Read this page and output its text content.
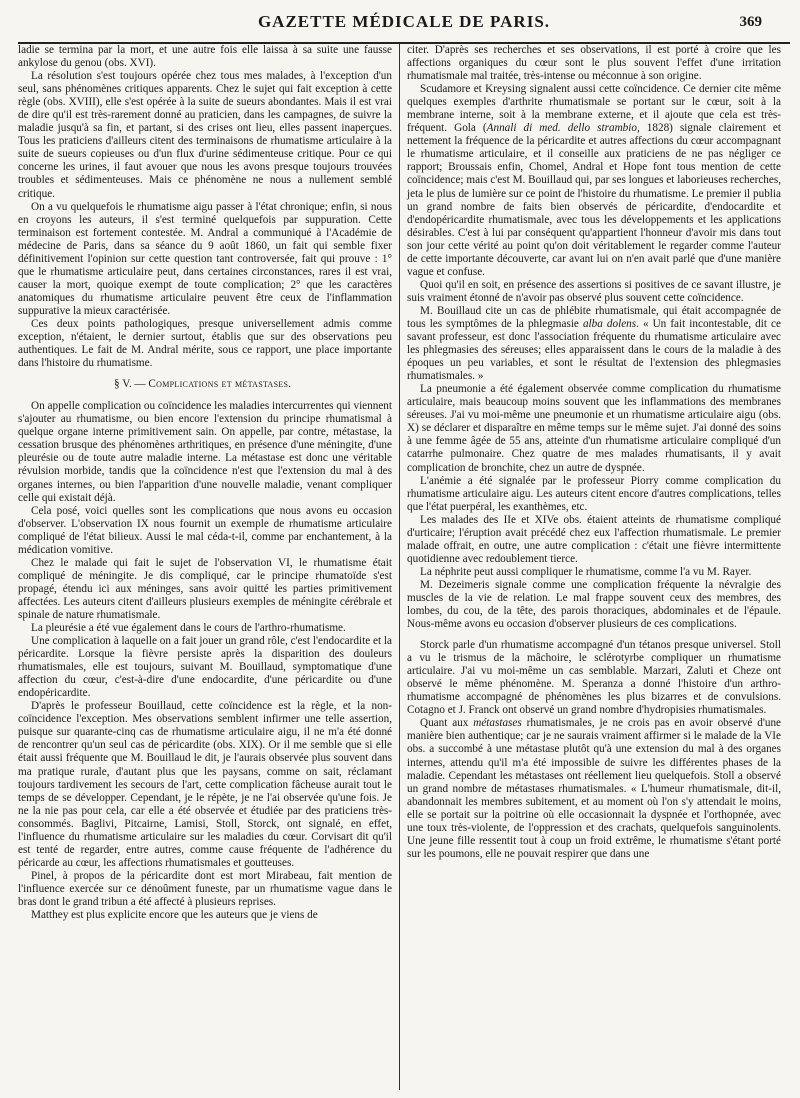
GAZETTE MÉDICALE DE PARIS.	369

ladie se termina par la mort, et une autre fois elle laissa à sa suite une fausse ankylose du genou (obs. XVI).

La résolution s'est toujours opérée chez tous mes malades, à l'exception d'un seul, sans phénomènes critiques apparents. Chez le sujet qui fait exception à cette règle (obs. XVIII), elle s'est opérée à la suite de sueurs abondantes. Mais il est vrai de dire qu'il est très-rarement donné au praticien, dans les campagnes, de suivre la maladie jusqu'à sa fin, et partant, si des crises ont lieu, elles passent inaperçues. Tous les praticiens d'ailleurs citent des terminaisons de rhumatisme articulaire à la suite de sueurs copieuses ou d'un flux d'urine sédimenteuse critique. Pour ce qui concerne les urines, il faut avouer que nous les avons presque toujours trouvées troubles et sédimenteuses. Mais ce phénomène ne nous a nullement semblé critique.

On a vu quelquefois le rhumatisme aigu passer à l'état chronique; enfin, si nous en croyons les auteurs, il s'est terminé quelquefois par suppuration. Cette terminaison est fortement contestée. M. Andral a communiqué à l'Académie de médecine de Paris, dans sa séance du 9 août 1860, un fait qui semble fixer définitivement l'opinion sur cette question tant controversée, fait qui prouve : 1° que le rhumatisme articulaire peut, dans certaines circonstances, rares il est vrai, causer la mort, quoique exempt de toute complication; 2° que les caractères anatomiques du rhumatisme articulaire peuvent être ceux de l'inflammation suppurative la mieux caractérisée.

Ces deux points pathologiques, presque universellement admis comme exception, n'étaient, le dernier surtout, établis que sur des observations peu authentiques. Le fait de M. Andral mérite, sous ce rapport, une place importante dans l'histoire du rhumatisme.

§ V. — Complications et métastases.

On appelle complication ou coïncidence les maladies intercurrentes qui viennent s'ajouter au rhumatisme, ou bien encore l'extension du principe rhumatismal à quelque organe interne primitivement sain. On appelle, par contre, métastase, la cessation brusque des phénomènes arthritiques, en présence d'une méningite, d'une pleurésie ou de toute autre maladie interne. La métastase est donc une véritable révulsion morbide, tandis que la coïncidence n'est que l'extension du mal à des organes internes, ou bien l'apparition d'une nouvelle maladie, venant compliquer celle qui existait déjà.

Cela posé, voici quelles sont les complications que nous avons eu occasion d'observer. L'observation IX nous fournit un exemple de rhumatisme articulaire compliqué de l'état bilieux. Aussi le mal céda-t-il, comme par enchantement, à la médication vomitive.

Chez le malade qui fait le sujet de l'observation VI, le rhumatisme était compliqué de méningite. Je dis compliqué, car le principe rhumatoïde s'est propagé, étendu ici aux méninges, sans avoir quitté les parties primitivement affectées. Les auteurs citent d'ailleurs plusieurs exemples de méningite cérébrale et spinale de nature rhumatismale.

La pleurésie a été vue également dans le cours de l'arthro-rhumatisme.

Une complication à laquelle on a fait jouer un grand rôle, c'est l'endocardite et la péricardite. Lorsque la fièvre persiste après la disparition des douleurs rhumatismales, elle est toujours, suivant M. Bouillaud, symptomatique d'une affection du cœur, c'est-à-dire d'une endocardite, d'une péricardite ou d'une endopéricardite.

D'après le professeur Bouillaud, cette coïncidence est la règle, et la non-coïncidence l'exception. Mes observations semblent infirmer une telle assertion, puisque sur quarante-cinq cas de rhumatisme articulaire aigu, il ne m'a été donné de rencontrer qu'un seul cas de péricardite (obs. XIX). Or il me semble que si elle était aussi fréquente que M. Bouillaud le dit, je l'aurais observée plus souvent dans ma pratique rurale, d'autant plus que les paysans, comme on sait, réclamant toujours tardivement les secours de l'art, cette complication fâcheuse aurait tout le temps de se développer. Cependant, je le répète, je ne l'ai observée qu'une fois. Je ne la nie pas pour cela, car elle a été observée et étudiée par des praticiens très-consommés. Baglivi, Pitcairne, Lamisi, Stoll, Storck, ont signalé, en effet, l'influence du rhumatisme articulaire sur les maladies du cœur. Corvisart dit qu'il est tenté de regarder, entre autres, comme cause fréquente de l'adhérence du péricarde au cœur, les affections rhumatismales et goutteuses.

Pinel, à propos de la péricardite dont est mort Mirabeau, fait mention de l'influence exercée sur ce dénoûment funeste, par un rhumatisme vague dans le bras dont le grand tribun a été affecté à plusieurs reprises.

Matthey est plus explicite encore que les auteurs que je viens de

citer. D'après ses recherches et ses observations, il est porté à croire que les affections organiques du cœur sont le plus souvent l'effet d'une irritation rhumatismale mal traitée, très-intense ou méconnue à son origine.

Scudamore et Kreysing signalent aussi cette coïncidence. Ce dernier cite même quelques exemples d'arthrite rhumatismale se portant sur le cœur, soit à la membrane interne, soit à la membrane externe, et il ajoute que cela est très-fréquent. Gola (Annali di med. dello strambio, 1828) signale clairement et nettement la fréquence de la péricardite et autres affections du cœur accompagnant le rhumatisme articulaire, et il conseille aux praticiens de ne pas négliger ce rapport; Broussais enfin, Chomel, Andral et Hope font tous mention de cette coïncidence; mais c'est M. Bouillaud qui, par ses longues et laborieuses recherches, jeta le plus de lumière sur ce point de l'histoire du rhumatisme. Le premier il publia un grand nombre de faits bien observés de péricardite, d'endocardite et d'endopéricardite rhumatismale, avec tous les développements et les applications désirables. C'est à lui par conséquent qu'appartient l'honneur d'avoir mis dans tout son jour cette vérité au point qu'on doit véritablement le regarder comme l'auteur de cette importante découverte, car avant lui on n'en avait parlé que d'une manière vague et confuse.

Quoi qu'il en soit, en présence des assertions si positives de ce savant illustre, je suis vraiment étonné de n'avoir pas observé plus souvent cette coïncidence.

M. Bouillaud cite un cas de phlébite rhumatismale, qui était accompagnée de tous les symptômes de la phlegmasie alba dolens. « Un fait incontestable, dit ce savant professeur, est donc l'association fréquente du rhumatisme articulaire avec les phlegmasies des séreuses; elles apparaissent dans le cours de la maladie à des époques un peu variables, et sont le résultat de l'extension des phlegmasies rhumatismales. »

La pneumonie a été également observée comme complication du rhumatisme articulaire, mais beaucoup moins souvent que les inflammations des membranes séreuses. J'ai vu moi-même une pneumonie et un rhumatisme articulaire aigu (obs. X) se déclarer et disparaître en même temps sur le même sujet. J'ai donné des soins à une femme âgée de 55 ans, atteinte d'un rhumatisme articulaire compliqué d'un catarrhe pulmonaire. Chez quatre de mes malades rhumatisants, il y avait complication de bronchite, chez un autre de dyspnée.

L'anémie a été signalée par le professeur Piorry comme complication du rhumatisme articulaire aigu. Les auteurs citent encore d'autres complications, telles que l'état puerpéral, les exanthèmes, etc.

Les malades des IIe et XIVe obs. étaient atteints de rhumatisme compliqué d'urticaire; l'éruption avait précédé chez eux l'affection rhumatismale. Le premier malade offrait, en outre, une autre complication : c'était une fièvre intermittente quotidienne avec redoublement tierce.

La néphrite peut aussi compliquer le rhumatisme, comme l'a vu M. Rayer.

M. Dezeimeris signale comme une complication fréquente la névralgie des muscles de la vie de relation. Le mal frappe souvent ceux des membres, des lombes, du cou, de la tête, des parois thoraciques, abdominales et de l'épaule. Nous-même avons eu occasion d'observer plusieurs de ces complications.

Storck parle d'un rhumatisme accompagné d'un tétanos presque universel. Stoll a vu le trismus de la mâchoire, le sclérotyrbe compliquer un rhumatisme articulaire. J'ai vu moi-même un cas semblable. Marzari, Zaluti et Cheze ont observé le même phénomène. M. Speranza a donné l'histoire d'un arthro-rhumatisme accompagné de phénomènes les plus bizarres et de convulsions. Cotagno et J. Franck ont observé un grand nombre d'hydropisies rhumatismales.

Quant aux métastases rhumatismales, je ne crois pas en avoir observé d'une manière bien authentique; car je ne saurais vraiment affirmer si le malade de la VIe obs. a succombé à une métastase plutôt qu'à une extension du mal à des organes internes, attendu qu'il m'a été impossible de suivre les différentes phases de la maladie. Cependant les métastases ont réellement lieu quelquefois. Stoll a observé un grand nombre de métastases rhumatismales. « L'humeur rhumatismale, dit-il, abandonnait les membres subitement, et au moment où l'on s'y attendait le moins, elle se portait sur la poitrine où elle occasionnait la dyspnée et l'orthopnée, avec une toux très-violente, de l'oppression et des crachats, quelquefois sanguinolents. Une jeune fille ressentit tout à coup un froid extrême, le rhumatisme s'étant porté sur les poumons, elle ne pouvait respirer que dans une
